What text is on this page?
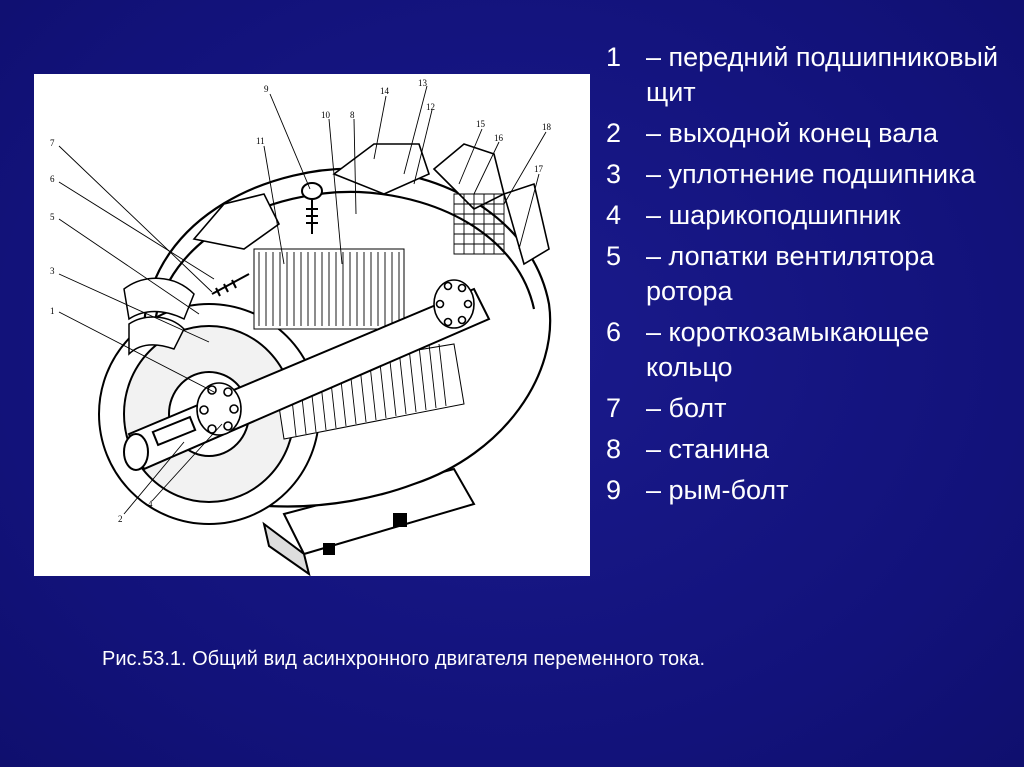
1
2
3
4
5
6
7
8
9
10
11
12
13
14
15
16
17
18
1 – передний подшипниковый щит
2 – выходной конец вала
3 – уплотнение подшипника
4 – шарикоподшипник
5 – лопатки вентилятора ротора
6 – короткозамыкающее кольцо
7 – болт
8 – станина
9 – рым-болт
Рис.53.1. Общий вид асинхронного двигателя переменного тока.
